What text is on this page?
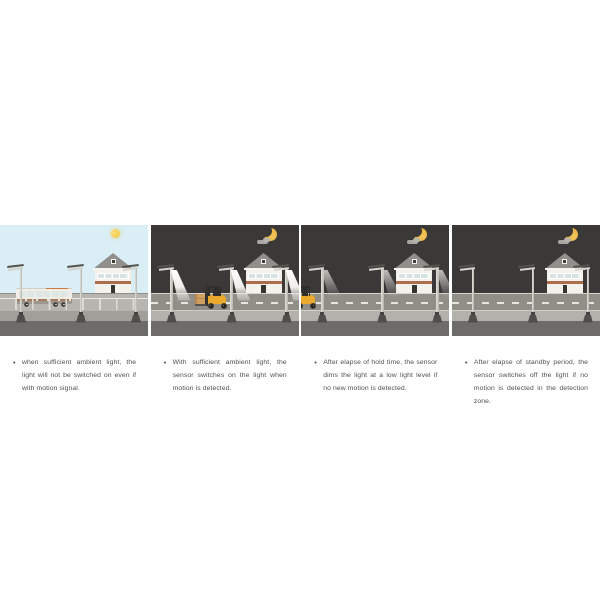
• when sufficient ambient light, the light will not be switched on even if with motion signal.
• With sufficient ambient light, the sensor switches on the light when motion is detected.
• After elapse of hold time, the sensor dims the light at a low light level if no new motion is detected.
• After elapse of standby period, the sensor switches off the light if no motion is detected in the detection zone.
